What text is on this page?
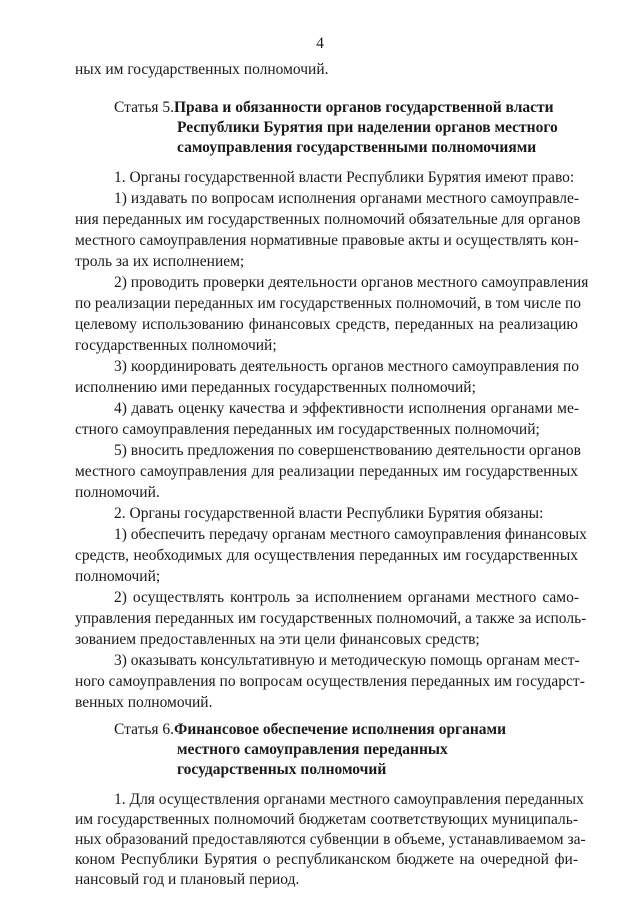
4
ных им государственных полномочий.
Статья 5. Права и обязанности органов государственной власти
Республики Бурятия при наделении органов местного
самоуправления государственными полномочиями
1. Органы государственной власти Республики Бурятия имеют право:
1) издавать по вопросам исполнения органами местного самоуправле-
ния переданных им государственных полномочий обязательные для органов
местного самоуправления нормативные правовые акты и осуществлять кон-
троль за их исполнением;
2) проводить проверки деятельности органов местного самоуправления
по реализации переданных им государственных полномочий, в том числе по
целевому использованию финансовых средств, переданных на реализацию
государственных полномочий;
3) координировать деятельность органов местного самоуправления по
исполнению ими переданных государственных полномочий;
4) давать оценку качества и эффективности исполнения органами ме-
стного самоуправления переданных им государственных полномочий;
5) вносить предложения по совершенствованию деятельности органов
местного самоуправления для реализации переданных им государственных
полномочий.
2. Органы государственной власти Республики Бурятия обязаны:
1) обеспечить передачу органам местного самоуправления финансовых
средств, необходимых для осуществления переданных им государственных
полномочий;
2) осуществлять контроль за исполнением органами местного само-
управления переданных им государственных полномочий, а также за исполь-
зованием предоставленных на эти цели финансовых средств;
3) оказывать консультативную и методическую помощь органам мест-
ного самоуправления по вопросам осуществления переданных им государст-
венных полномочий.
Статья 6. Финансовое обеспечение исполнения органами
местного самоуправления переданных
государственных полномочий
1. Для осуществления органами местного самоуправления переданных
им государственных полномочий бюджетам соответствующих муниципаль-
ных образований предоставляются субвенции в объеме, устанавливаемом за-
коном Республики Бурятия о республиканском бюджете на очередной фи-
нансовый год и плановый период.
